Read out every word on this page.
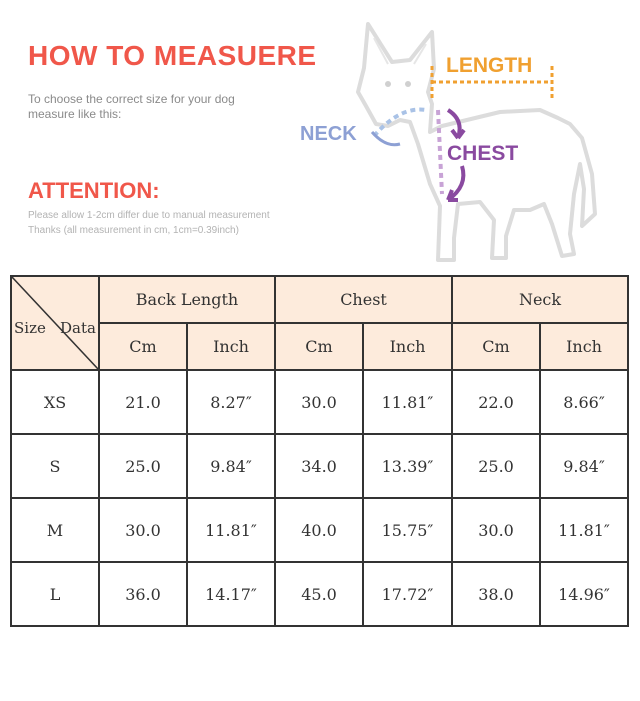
HOW TO MEASUERE
To choose the correct size for your dog
measure like this:
ATTENTION:
Please allow 1-2cm differ due to manual measurement
Thanks (all measurement in cm, 1cm=0.39inch)
LENGTH
NECK
CHEST
Size Data	Back Length		Chest		Neck	
	Cm	Inch	Cm	Inch	Cm	Inch
XS	21.0	8.27″	30.0	11.81″	22.0	8.66″
S	25.0	9.84″	34.0	13.39″	25.0	9.84″
M	30.0	11.81″	40.0	15.75″	30.0	11.81″
L	36.0	14.17″	45.0	17.72″	38.0	14.96″
